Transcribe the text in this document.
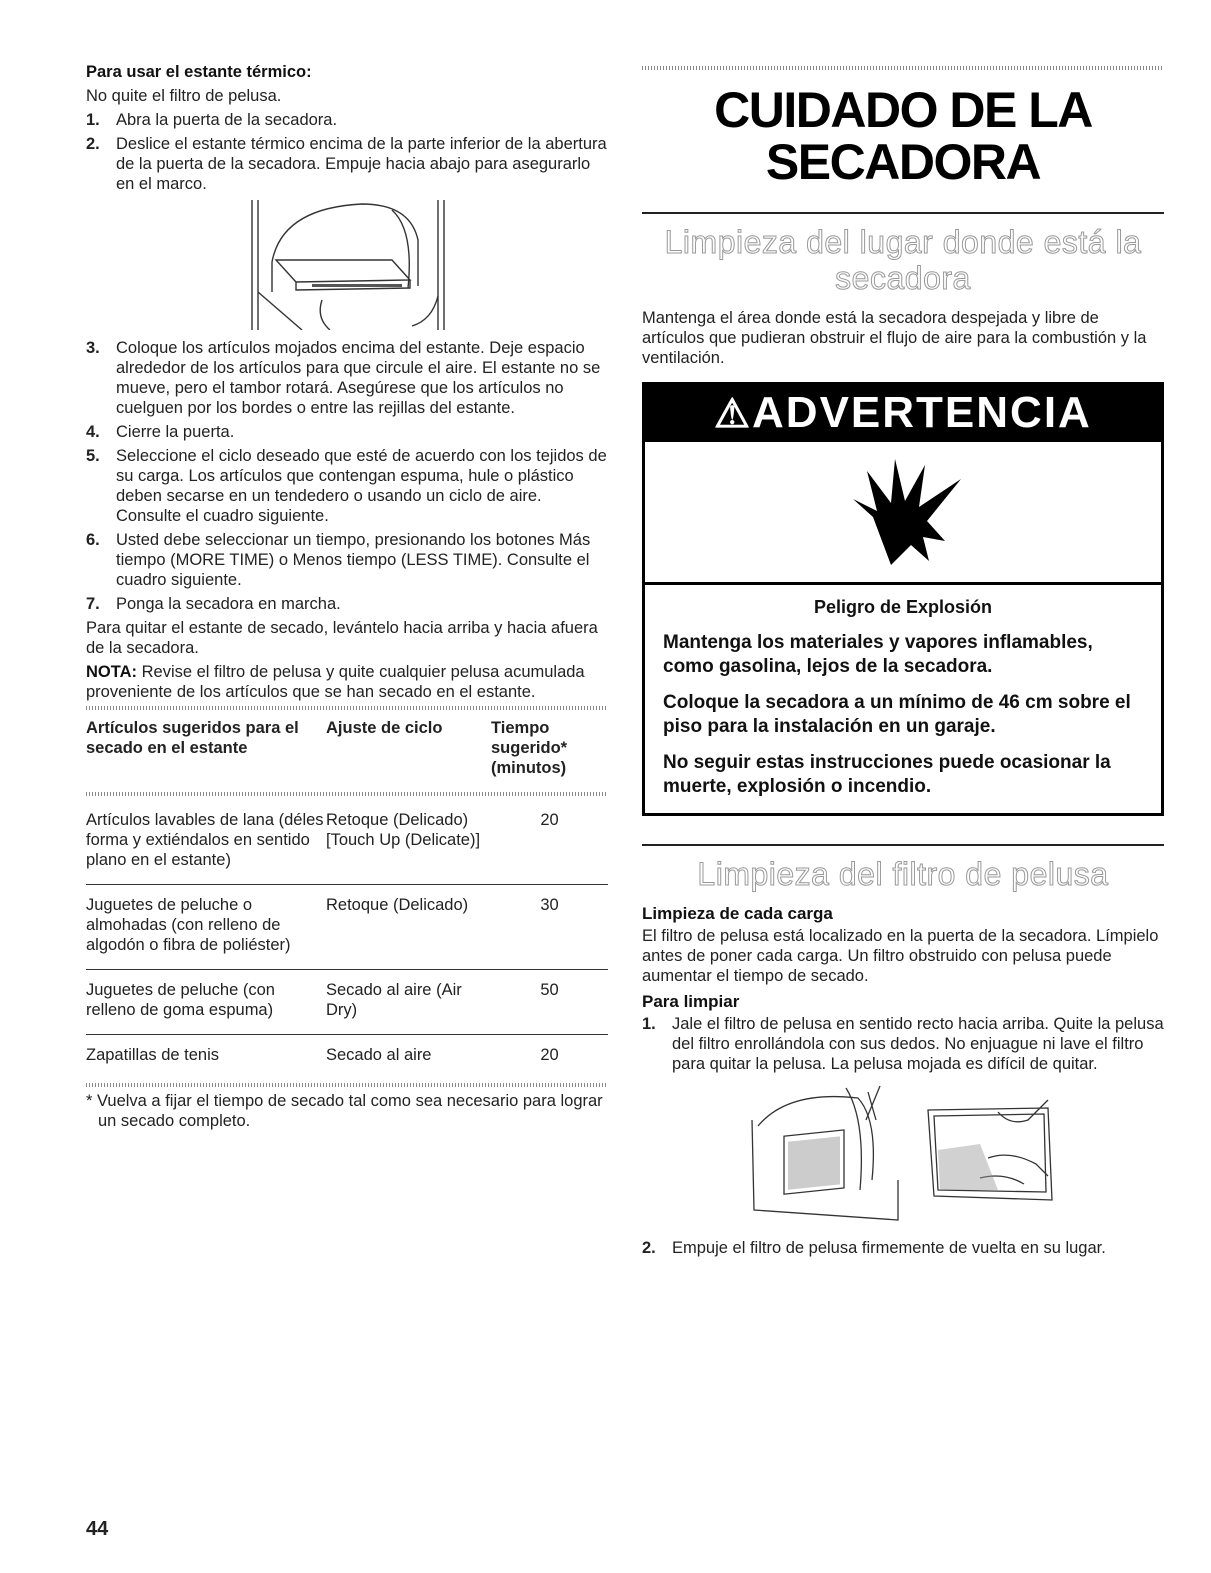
Para usar el estante térmico:

No quite el filtro de pelusa.

1. Abra la puerta de la secadora.
2. Deslice el estante térmico encima de la parte inferior de la abertura de la puerta de la secadora. Empuje hacia abajo para asegurarlo en el marco.
3. Coloque los artículos mojados encima del estante. Deje espacio alrededor de los artículos para que circule el aire. El estante no se mueve, pero el tambor rotará. Asegúrese que los artículos no cuelguen por los bordes o entre las rejillas del estante.
4. Cierre la puerta.
5. Seleccione el ciclo deseado que esté de acuerdo con los tejidos de su carga. Los artículos que contengan espuma, hule o plástico deben secarse en un tendedero o usando un ciclo de aire. Consulte el cuadro siguiente.
6. Usted debe seleccionar un tiempo, presionando los botones Más tiempo (MORE TIME) o Menos tiempo (LESS TIME). Consulte el cuadro siguiente.
7. Ponga la secadora en marcha.

Para quitar el estante de secado, levántelo hacia arriba y hacia afuera de la secadora.

NOTA: Revise el filtro de pelusa y quite cualquier pelusa acumulada proveniente de los artículos que se han secado en el estante.

Artículos sugeridos para el secado en el estante	Ajuste de ciclo	Tiempo sugerido* (minutos)

Artículos lavables de lana (déles forma y extiéndalos en sentido plano en el estante)	Retoque (Delicado) [Touch Up (Delicate)]	20
Juguetes de peluche o almohadas (con relleno de algodón o fibra de poliéster)	Retoque (Delicado)	30
Juguetes de peluche (con relleno de goma espuma)	Secado al aire (Air Dry)	50
Zapatillas de tenis	Secado al aire	20

* Vuelva a fijar el tiempo de secado tal como sea necesario para lograr un secado completo.

CUIDADO DE LA
SECADORA
Limpieza del lugar donde está la secadora

Mantenga el área donde está la secadora despejada y libre de artículos que pudieran obstruir el flujo de aire para la combustión y la ventilación.

⚠ADVERTENCIA
Peligro de Explosión

Mantenga los materiales y vapores inflamables, como gasolina, lejos de la secadora.

Coloque la secadora a un mínimo de 46 cm sobre el piso para la instalación en un garaje.

No seguir estas instrucciones puede ocasionar la muerte, explosión o incendio.

Limpieza del filtro de pelusa
Limpieza de cada carga

El filtro de pelusa está localizado en la puerta de la secadora. Límpielo antes de poner cada carga. Un filtro obstruido con pelusa puede aumentar el tiempo de secado.

Para limpiar
1. Jale el filtro de pelusa en sentido recto hacia arriba. Quite la pelusa del filtro enrollándola con sus dedos. No enjuague ni lave el filtro para quitar la pelusa. La pelusa mojada es difícil de quitar.
2. Empuje el filtro de pelusa firmemente de vuelta en su lugar.
44
